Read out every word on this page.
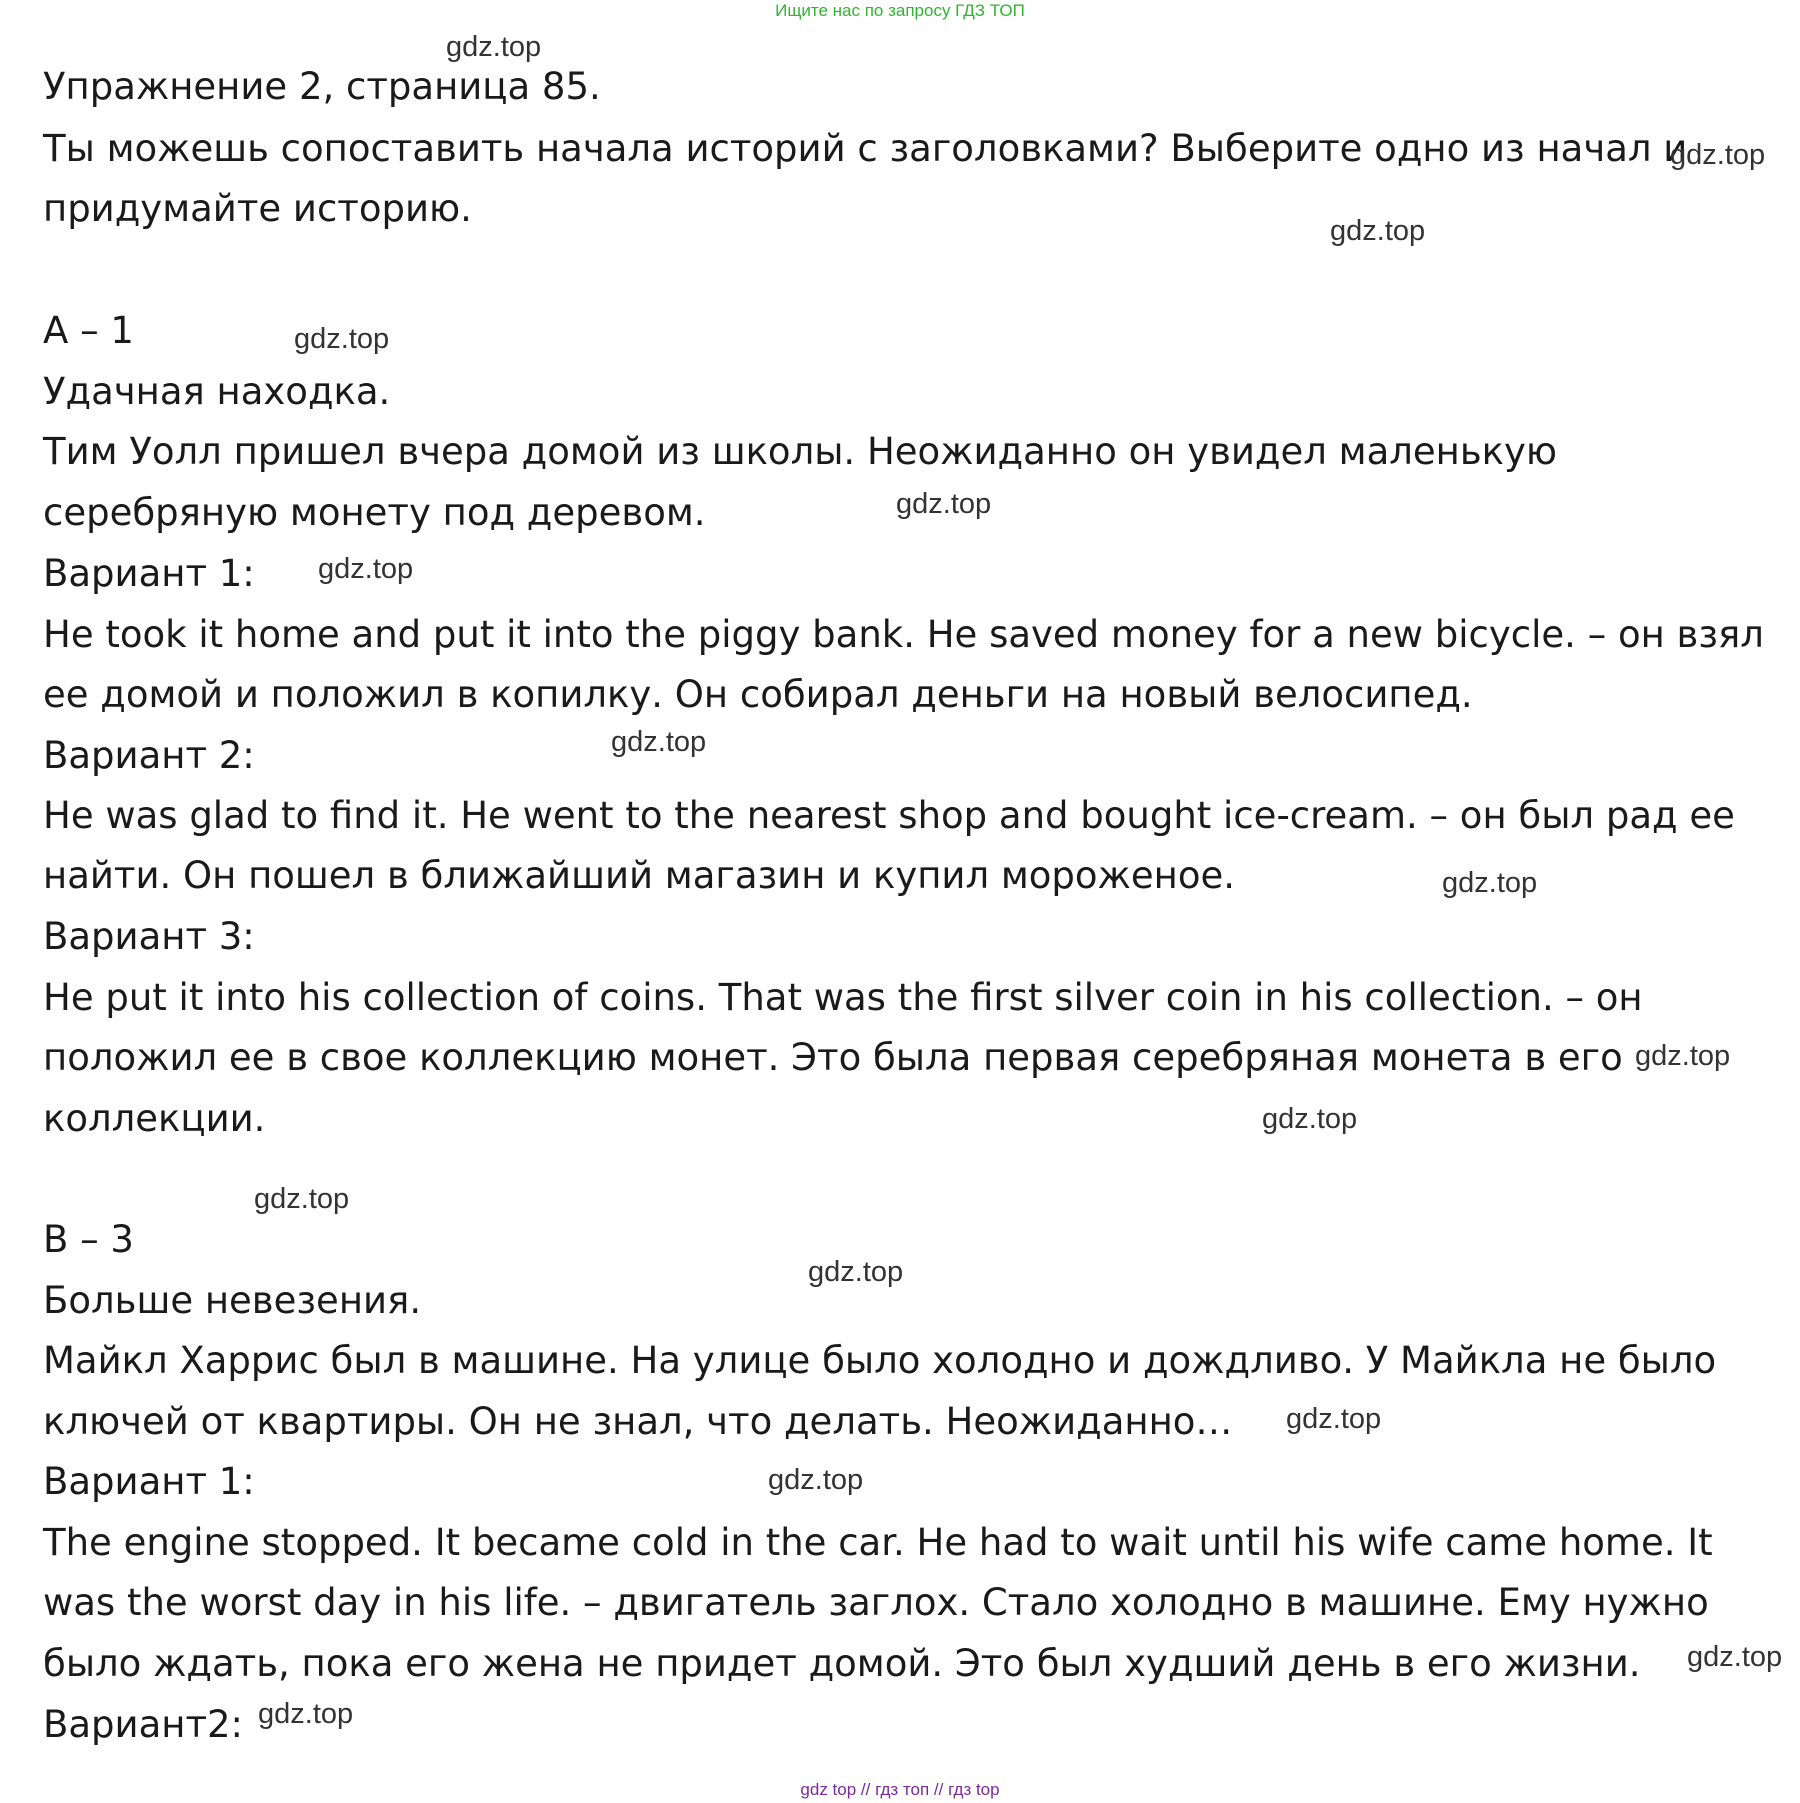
Ищите нас по запросу ГДЗ ТОП
Упражнение 2, страница 85.
Ты можешь сопоставить начала историй с заголовками? Выберите одно из начал и
придумайте историю.
A – 1
Удачная находка.
Тим Уолл пришел вчера домой из школы. Неожиданно он увидел маленькую
серебряную монету под деревом.
Вариант 1:
He took it home and put it into the piggy bank. He saved money for a new bicycle. – он взял
ее домой и положил в копилку. Он собирал деньги на новый велосипед.
Вариант 2:
He was glad to find it. He went to the nearest shop and bought ice-cream. – он был рад ее
найти. Он пошел в ближайший магазин и купил мороженое.
Вариант 3:
He put it into his collection of coins. That was the first silver coin in his collection. – он
положил ее в свое коллекцию монет. Это была первая серебряная монета в его
коллекции.
B – 3
Больше невезения.
Майкл Харрис был в машине. На улице было холодно и дождливо. У Майкла не было
ключей от квартиры. Он не знал, что делать. Неожиданно…
Вариант 1:
The engine stopped. It became cold in the car. He had to wait until his wife came home. It
was the worst day in his life. – двигатель заглох. Стало холодно в машине. Ему нужно
было ждать, пока его жена не придет домой. Это был худший день в его жизни.
Вариант2:
gdz.top
gdz.top
gdz.top
gdz.top
gdz.top
gdz.top
gdz.top
gdz.top
gdz.top
gdz.top
gdz.top
gdz.top
gdz.top
gdz.top
gdz.top
gdz.top
gdz top // гдз топ // гдз top
